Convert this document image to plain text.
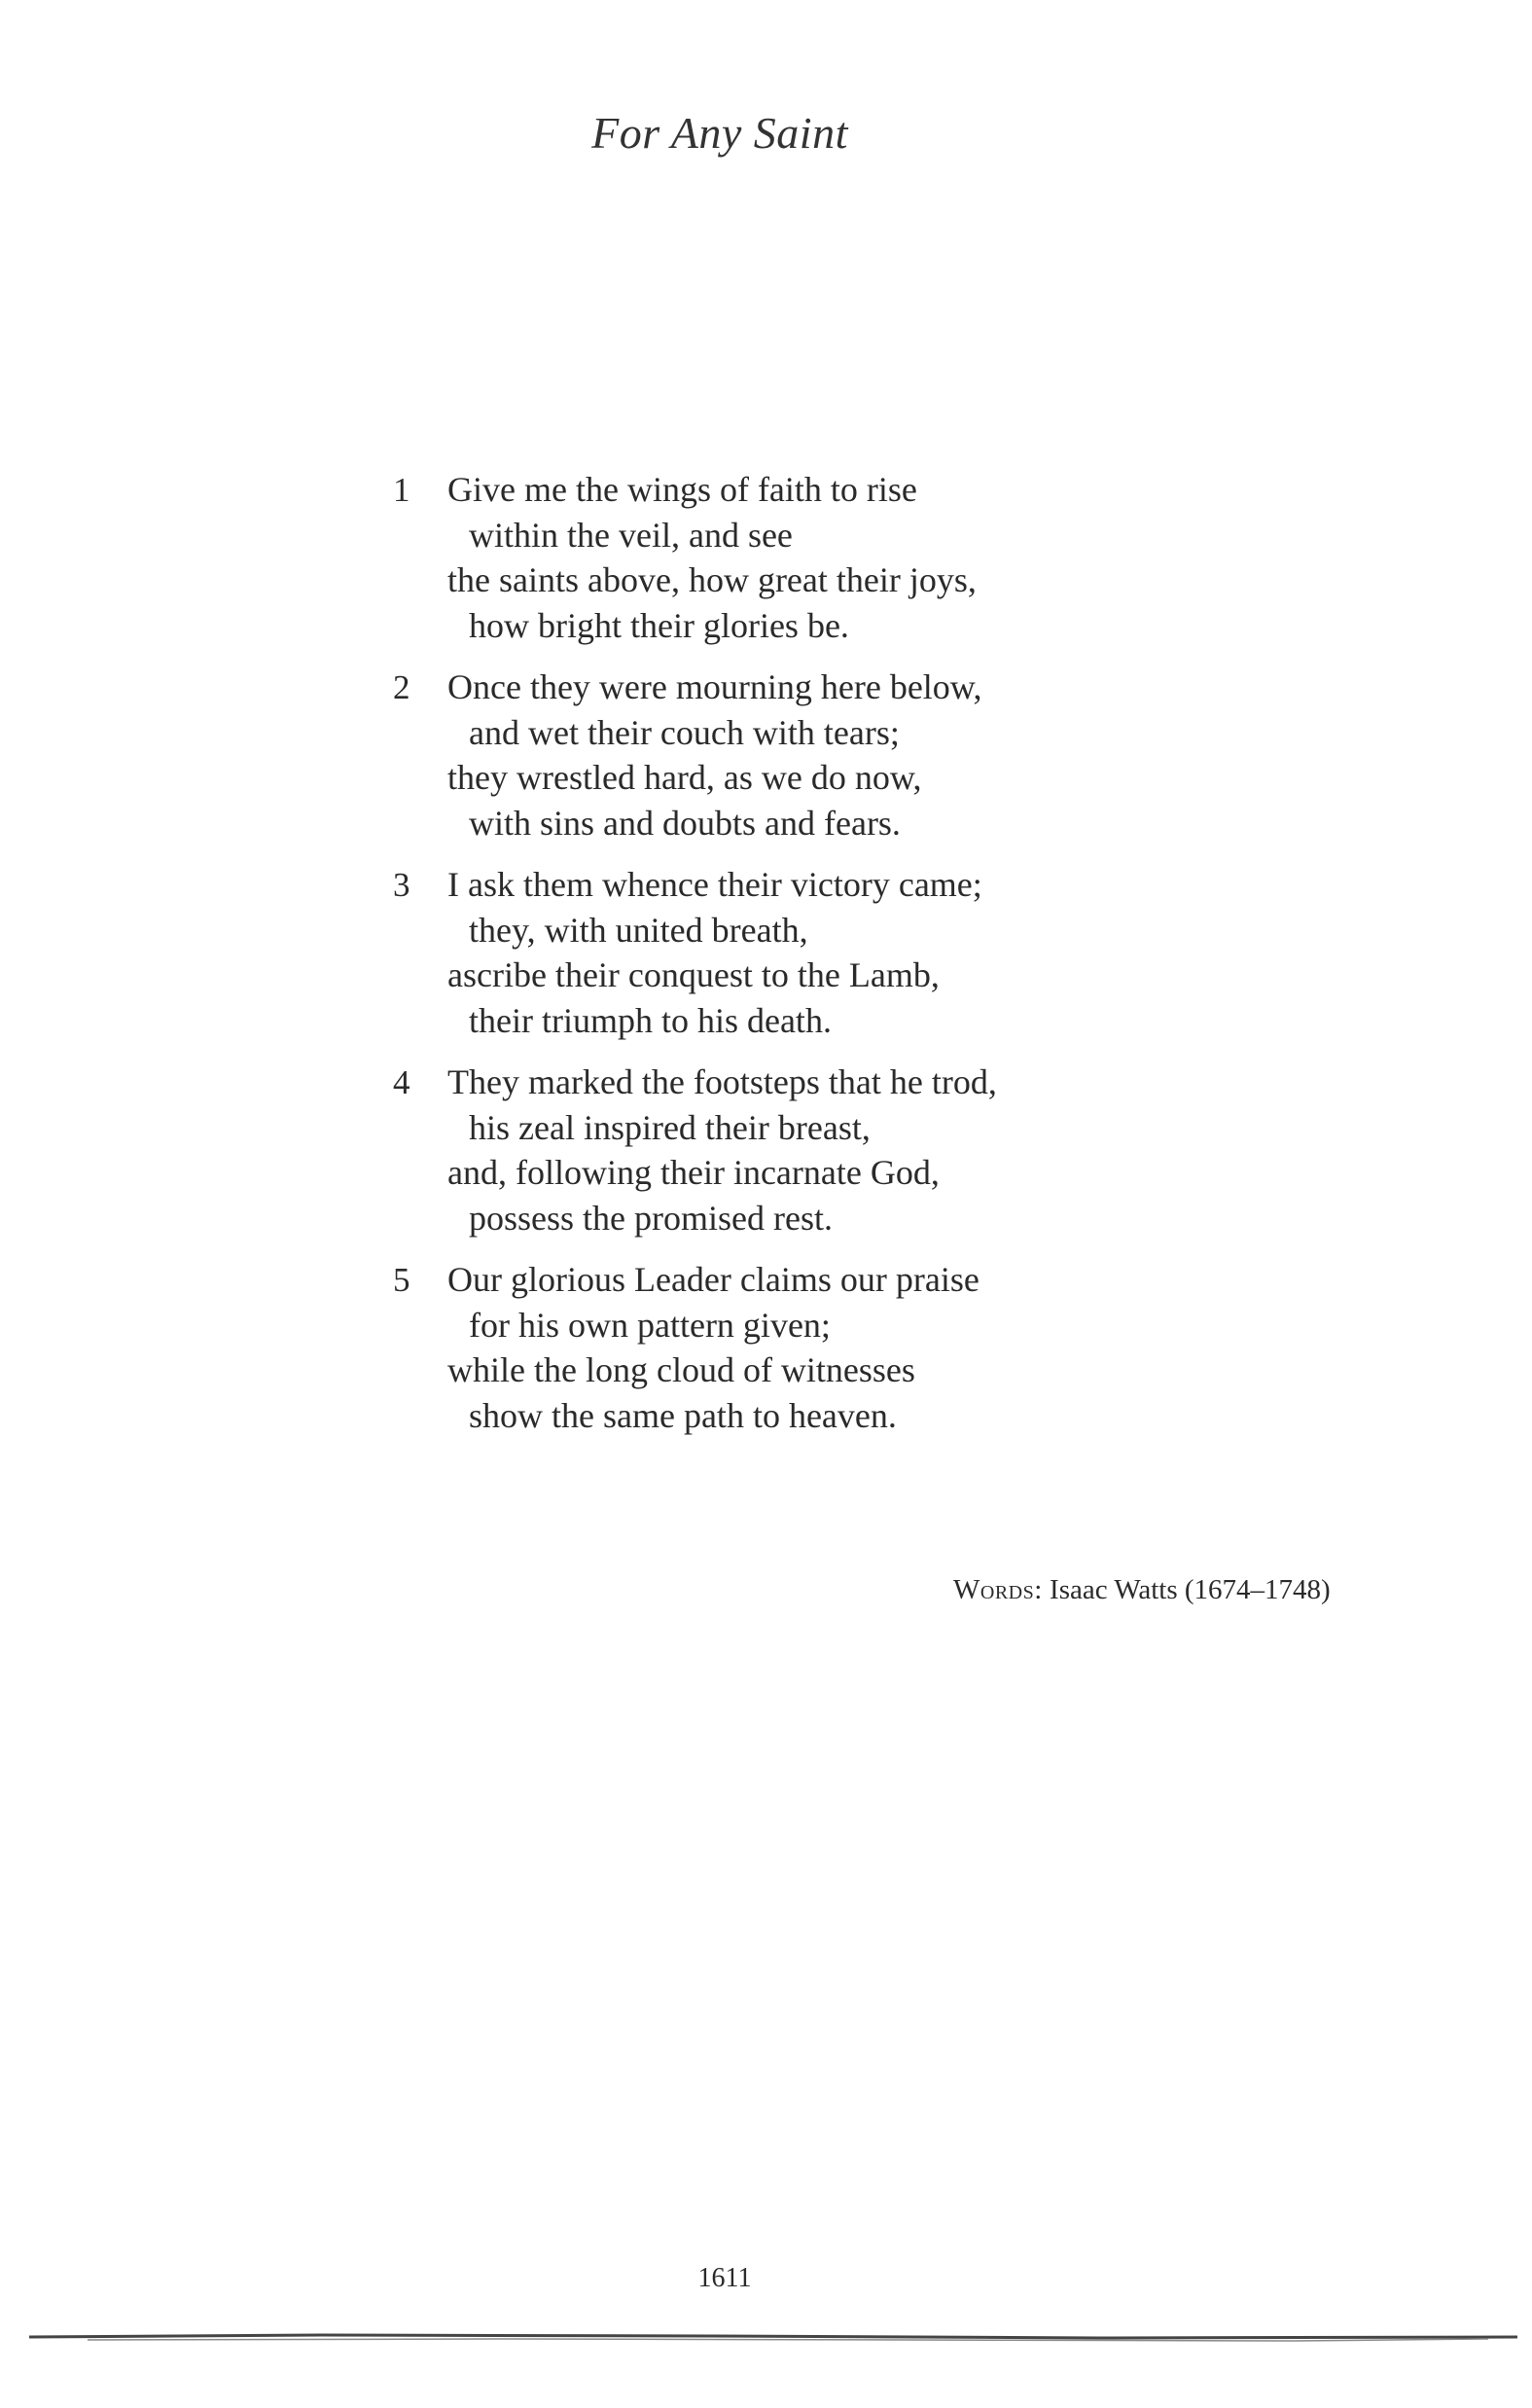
For Any Saint
1	Give me the wings of faith to rise
within the veil, and see
the saints above, how great their joys,
how bright their glories be.
2	Once they were mourning here below,
and wet their couch with tears;
they wrestled hard, as we do now,
with sins and doubts and fears.
3	I ask them whence their victory came;
they, with united breath,
ascribe their conquest to the Lamb,
their triumph to his death.
4	They marked the footsteps that he trod,
his zeal inspired their breast,
and, following their incarnate God,
possess the promised rest.
5	Our glorious Leader claims our praise
for his own pattern given;
while the long cloud of witnesses
show the same path to heaven.
Words: Isaac Watts (1674–1748)
1611
